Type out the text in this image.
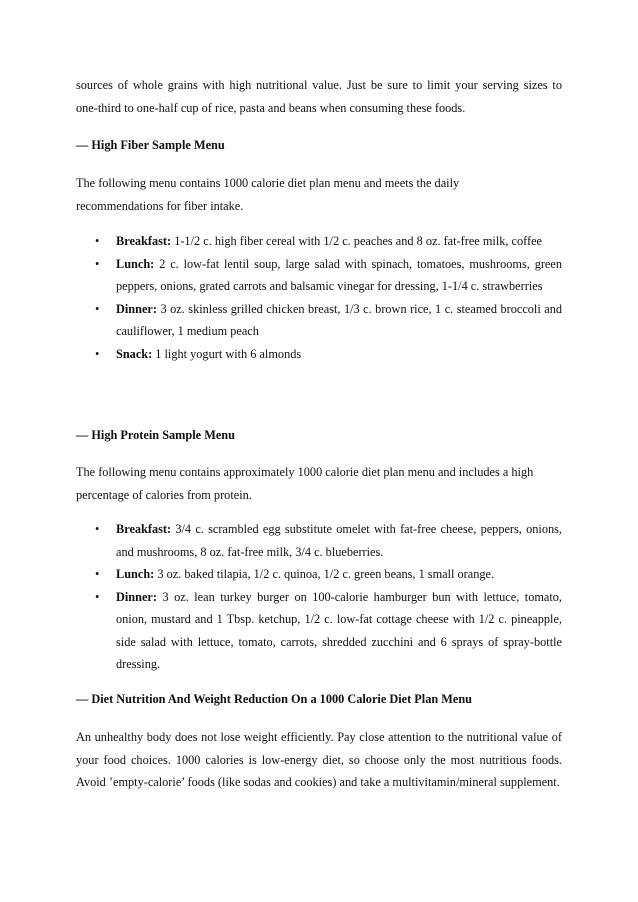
sources of whole grains with high nutritional value. Just be sure to limit your serving sizes to
one-third to one-half cup of rice, pasta and beans when consuming these foods.
— High Fiber Sample Menu
The following menu contains 1000 calorie diet plan menu and meets the daily
recommendations for fiber intake.
• Breakfast: 1-1/2 c. high fiber cereal with 1/2 c. peaches and 8 oz. fat-free milk, coffee
• Lunch: 2 c. low-fat lentil soup, large salad with spinach, tomatoes, mushrooms, green peppers, onions, grated carrots and balsamic vinegar for dressing, 1-1/4 c. strawberries
• Dinner: 3 oz. skinless grilled chicken breast, 1/3 c. brown rice, 1 c. steamed broccoli and cauliflower, 1 medium peach
• Snack: 1 light yogurt with 6 almonds
— High Protein Sample Menu
The following menu contains approximately 1000 calorie diet plan menu and includes a high
percentage of calories from protein.
• Breakfast: 3/4 c. scrambled egg substitute omelet with fat-free cheese, peppers, onions, and mushrooms, 8 oz. fat-free milk, 3/4 c. blueberries.
• Lunch: 3 oz. baked tilapia, 1/2 c. quinoa, 1/2 c. green beans, 1 small orange.
• Dinner: 3 oz. lean turkey burger on 100-calorie hamburger bun with lettuce, tomato, onion, mustard and 1 Tbsp. ketchup, 1/2 c. low-fat cottage cheese with 1/2 c. pineapple, side salad with lettuce, tomato, carrots, shredded zucchini and 6 sprays of spray-bottle dressing.
— Diet Nutrition And Weight Reduction On a 1000 Calorie Diet Plan Menu
An unhealthy body does not lose weight efficiently. Pay close attention to the nutritional value of your food choices. 1000 calories is low-energy diet, so choose only the most nutritious foods. Avoid ’empty-calorie’ foods (like sodas and cookies) and take a multivitamin/mineral supplement.
